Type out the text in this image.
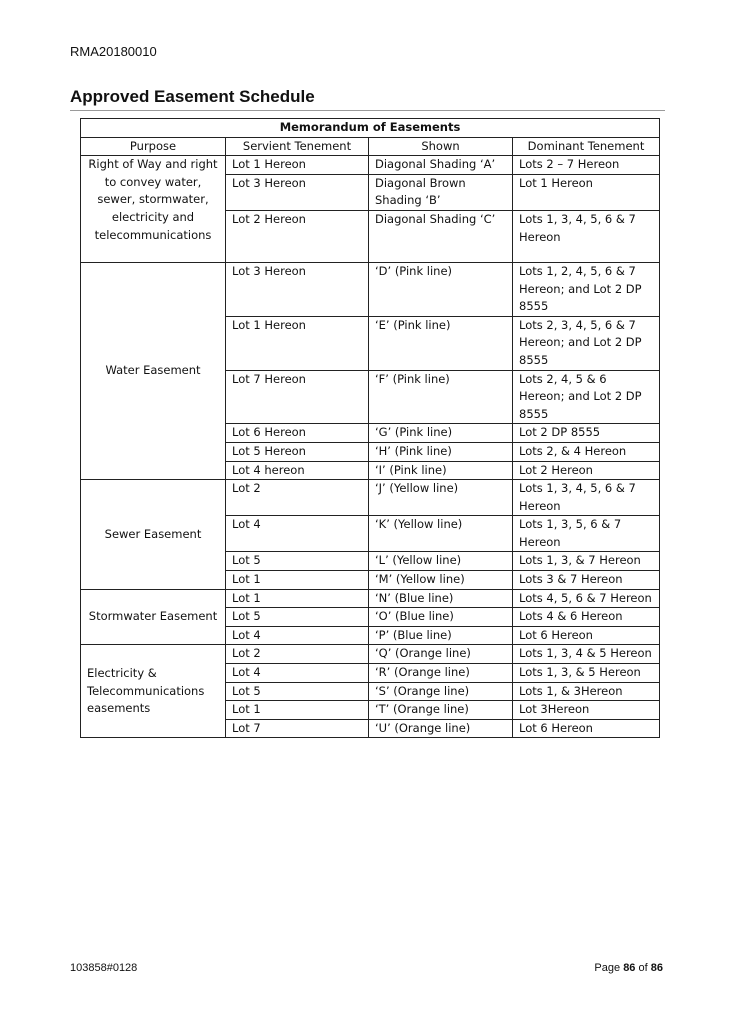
RMA20180010
Approved Easement Schedule
Memorandum of Easements			
Purpose	Servient Tenement	Shown	Dominant Tenement
Right of Way and right to convey water, sewer, stormwater, electricity and telecommunications	Lot 1 Hereon	Diagonal Shading ‘A’	Lots 2 – 7 Hereon
	Lot 3 Hereon	Diagonal Brown Shading ‘B’	Lot 1 Hereon
	Lot 2 Hereon	Diagonal Shading ‘C’	Lots 1, 3, 4, 5, 6 & 7 Hereon
Water Easement	Lot 3 Hereon	‘D’ (Pink line)	Lots 1, 2, 4, 5, 6 & 7 Hereon; and Lot 2 DP 8555
	Lot 1 Hereon	‘E’ (Pink line)	Lots 2, 3, 4, 5, 6 & 7 Hereon; and Lot 2 DP 8555
	Lot 7 Hereon	‘F’ (Pink line)	Lots 2, 4, 5 & 6 Hereon; and Lot 2 DP 8555
	Lot 6 Hereon	‘G’ (Pink line)	Lot 2 DP 8555
	Lot 5 Hereon	‘H’ (Pink line)	Lots 2, & 4 Hereon
	Lot 4 hereon	‘I’ (Pink line)	Lot 2 Hereon
Sewer Easement	Lot 2	‘J’ (Yellow line)	Lots 1, 3, 4, 5, 6 & 7 Hereon
	Lot 4	‘K’ (Yellow line)	Lots 1, 3, 5, 6 & 7 Hereon
	Lot 5	‘L’ (Yellow line)	Lots 1, 3, & 7 Hereon
	Lot 1	‘M’ (Yellow line)	Lots 3 & 7 Hereon
Stormwater Easement	Lot 1	‘N’ (Blue line)	Lots 4, 5, 6 & 7 Hereon
	Lot 5	‘O’ (Blue line)	Lots 4 & 6 Hereon
	Lot 4	‘P’ (Blue line)	Lot 6 Hereon
Electricity & Telecommunications easements	Lot 2	‘Q’ (Orange line)	Lots 1, 3, 4 & 5 Hereon
	Lot 4	‘R’ (Orange line)	Lots 1, 3, & 5 Hereon
	Lot 5	‘S’ (Orange line)	Lots 1, & 3Hereon
	Lot 1	‘T’ (Orange line)	Lot 3Hereon
	Lot 7	‘U’ (Orange line)	Lot 6 Hereon
103858#0128	Page 86 of 86
